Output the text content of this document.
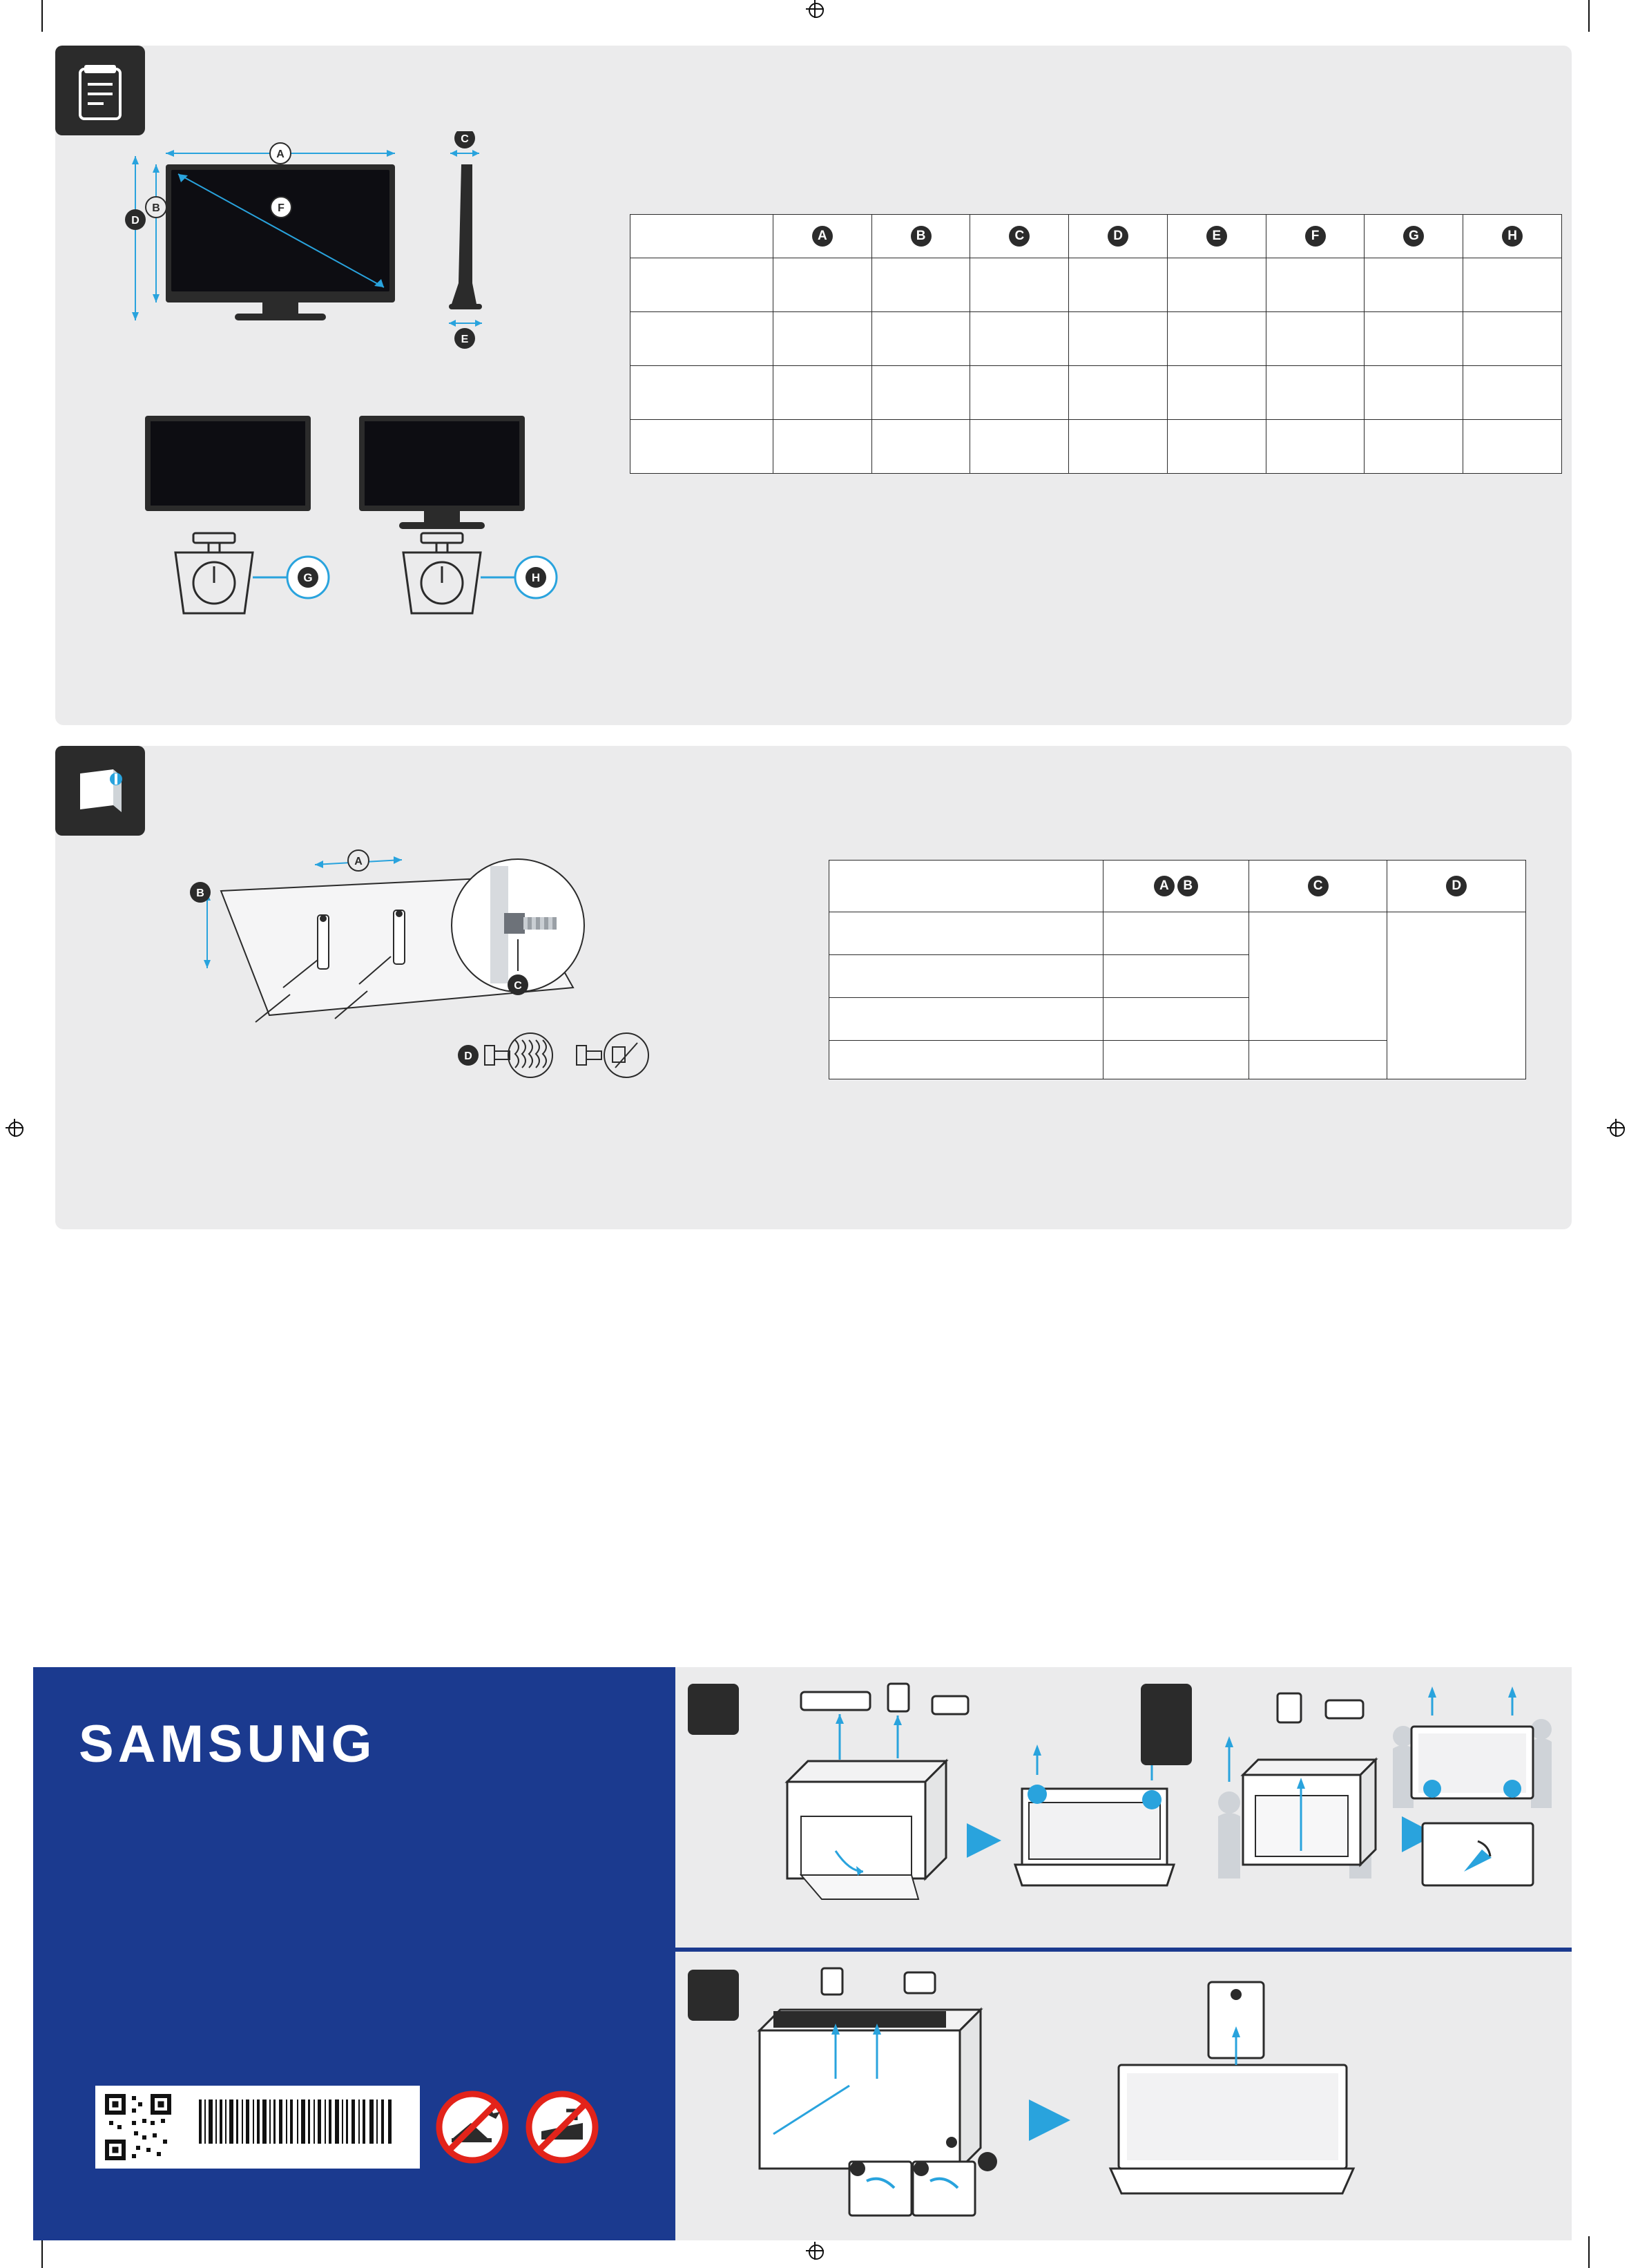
A
F
B
D
C
E
G	H
	A	B	C	D	E	F	G	H

A
B
C
D
	A B	C	D

SAMSUNG
